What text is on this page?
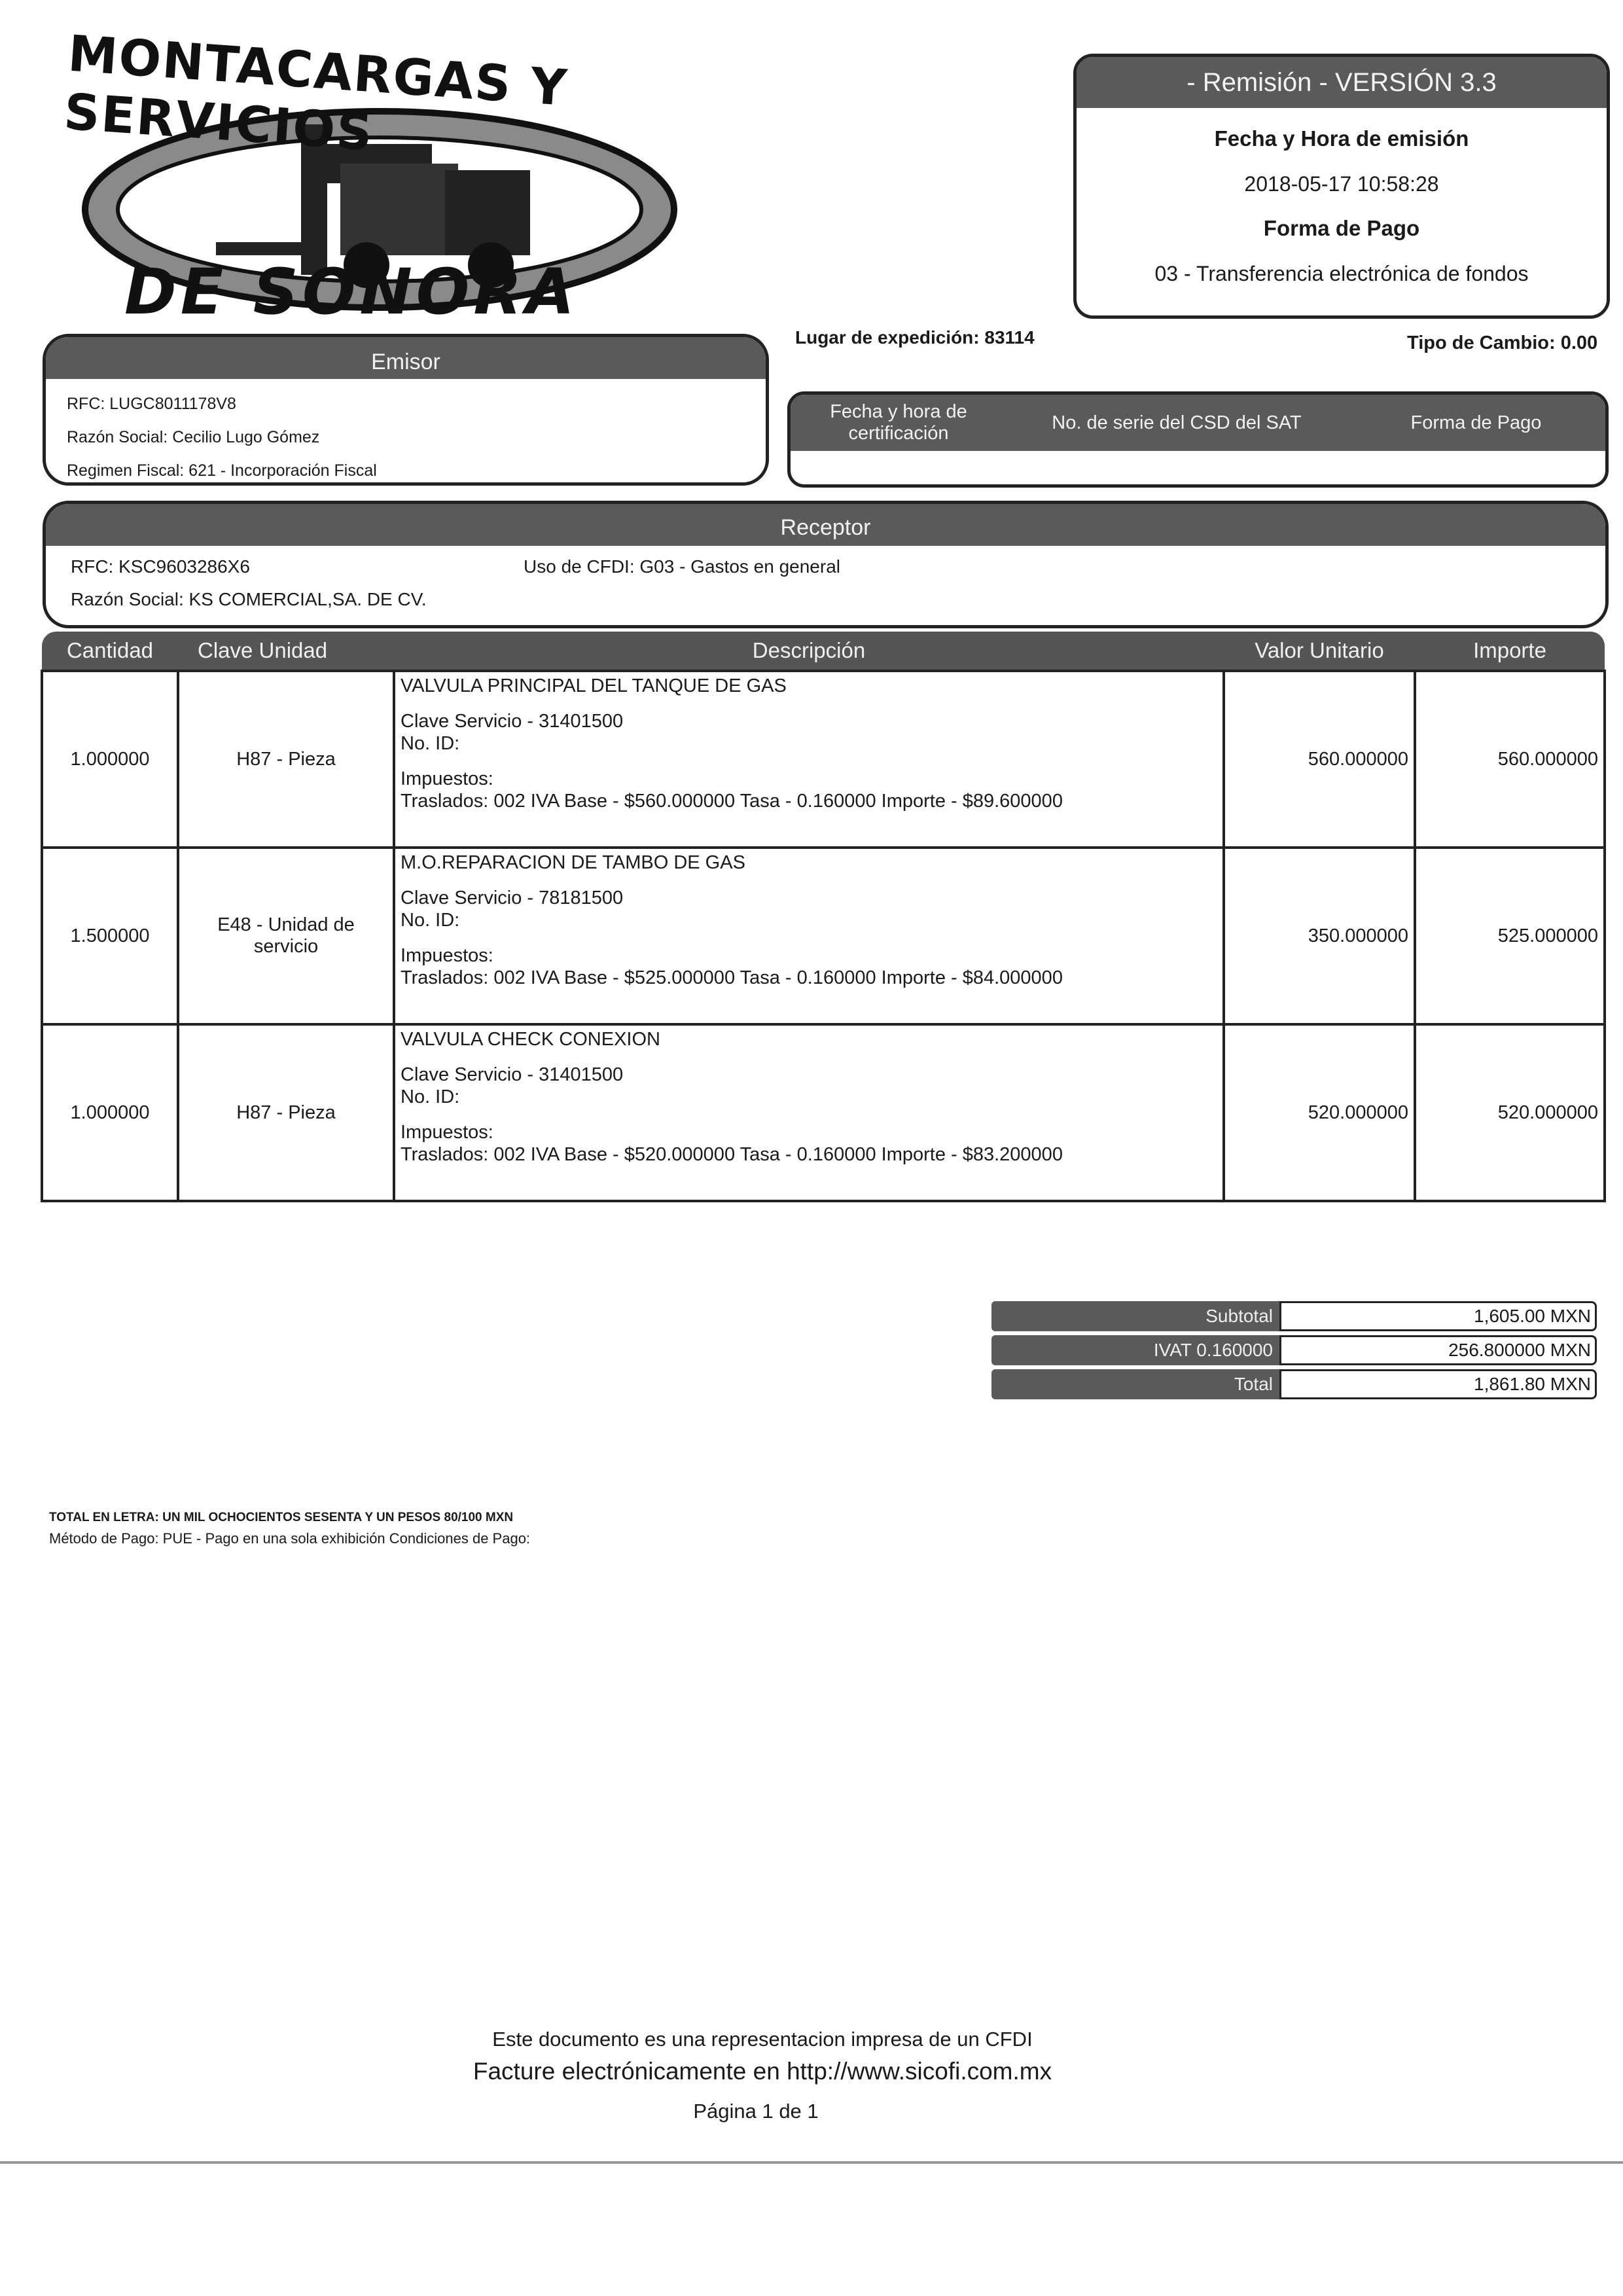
MONTACARGAS Y SERVICIOS
DE SONORA
- Remisión - VERSIÓN 3.3
Fecha y Hora de emisión
2018-05-17 10:58:28
Forma de Pago
03 - Transferencia electrónica de fondos
Emisor
RFC: LUGC8011178V8
Razón Social: Cecilio Lugo Gómez
Regimen Fiscal: 621 - Incorporación Fiscal
Lugar de expedición: 83114	Tipo de Cambio: 0.00
Fecha y hora de certificación
No. de serie del CSD del SAT	Forma de Pago
Receptor
RFC: KSC9603286X6	Uso de CFDI: G03 - Gastos en general
Razón Social: KS COMERCIAL,SA. DE CV.
Cantidad	Clave Unidad	Descripción	Valor Unitario	Importe
1.000000	H87 - Pieza	VALVULA PRINCIPAL DEL TANQUE DE GAS
Clave Servicio - 31401500
No. ID:
Impuestos:
Traslados: 002 IVA Base - $560.000000 Tasa - 0.160000 Importe - $89.600000	560.000000	560.000000
1.500000	E48 - Unidad de servicio	M.O.REPARACION DE TAMBO DE GAS
Clave Servicio - 78181500
No. ID:
Impuestos:
Traslados: 002 IVA Base - $525.000000 Tasa - 0.160000 Importe - $84.000000	350.000000	525.000000
1.000000	H87 - Pieza	VALVULA CHECK CONEXION
Clave Servicio - 31401500
No. ID:
Impuestos:
Traslados: 002 IVA Base - $520.000000 Tasa - 0.160000 Importe - $83.200000	520.000000	520.000000
Subtotal	1,605.00 MXN
IVAT 0.160000	256.800000 MXN
Total	1,861.80 MXN
TOTAL EN LETRA: UN MIL OCHOCIENTOS SESENTA Y UN PESOS 80/100 MXN
Método de Pago: PUE - Pago en una sola exhibición Condiciones de Pago:
Este documento es una representacion impresa de un CFDI
Facture electrónicamente en http://www.sicofi.com.mx
Página 1 de 1
